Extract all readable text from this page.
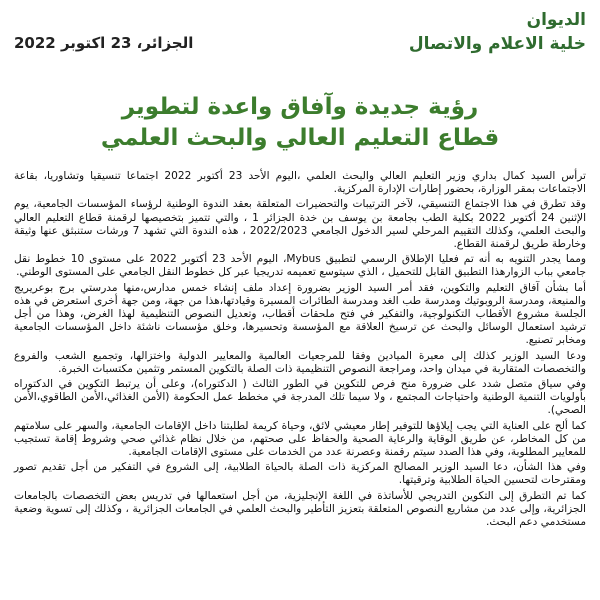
الديوان
خلية الاعلام والاتصال
الجزائر، 23 اكتوبر 2022
رؤية جديدة وآفاق واعدة لتطوير
قطاع التعليم العالي والبحث العلمي

ترأس السيد كمال بداري وزير التعليم العالي والبحث العلمي ،اليوم الأحد 23 أكتوبر 2022 اجتماعا تنسيقيا وتشاوريا، بقاعة الاجتماعات بمقر الوزارة، بحضور إطارات الإدارة المركزية.

وقد تطرق في هذا الاجتماع التنسيقي، لآخر الترتيبات والتحضيرات المتعلقة بعقد الندوة الوطنية لرؤساء المؤسسات الجامعية، يوم الإثنين 24 أكتوبر 2022 بكلية الطب بجامعة بن يوسف بن خدة الجزائر 1 ، والتي تتميز بتخصيصها لرقمنة قطاع التعليم العالي والبحث العلمي، وكذلك التقييم المرحلي لسير الدخول الجامعي 2022/2023 ، هذه الندوة التي تشهد 7 ورشات ستنبثق عنها وثيقة وخارطة طريق لرقمنة القطاع.

ومما يجدر التنويه به أنه تم فعليا الإطلاق الرسمي لتطبيق Mybus، اليوم الأحد 23 أكتوبر 2022 على مستوى 10 خطوط نقل جامعي بباب الزوارهذا التطبيق القابل للتحميل ، الذي سيتوسع تعميمه تدريجيا عبر كل خطوط النقل الجامعي على المستوى الوطني.

أما بشأن آفاق التعليم والتكوين، فقد أمر السيد الوزير بضرورة إعداد ملف إنشاء خمس مدارس،منها مدرستي برج بوعريريج والمنيعة، ومدرسة الروبوتيك ومدرسة طب الغد ومدرسة الطائرات المسيرة وقيادتها،هذا من جهة، ومن جهة أخرى استعرض في هذه الجلسة مشروع الأقطاب التكنولوجية، والتفكير في فتح ملحقات أقطاب، وتعديل النصوص التنظيمية لهذا الغرض، وهذا من أجل ترشيد استعمال الوسائل والبحث عن ترسيخ العلاقة مع المؤسسة وتحسيرها، وخلق مؤسسات ناشئة داخل المؤسسات الجامعية ومخابر تصنيع.

ودعا السيد الوزير كذلك إلى معيرة الميادين وفقا للمرجعيات العالمية والمعايير الدولية واختزالها، وتجميع الشعب والفروع والتخصصات المتقاربة في ميدان واحد، ومراجعة النصوص التنظيمية ذات الصلة بالتكوين المستمر وتثمين مكتسبات الخبرة.

وفي سياق متصل شدد على ضرورة منح فرص للتكوين في الطور الثالث ( الدكتوراه)، وعلى أن يرتبط التكوين في الدكتوراه بأولويات التنمية الوطنية واحتياجات المجتمع ، ولا سيما تلك المدرجة في مخطط عمل الحكومة (الأمن الغذائي،الأمن الطاقوي،الأمن الصحي).

كما ألح على العناية التي يجب إيلاؤها للتوفير إطار معيشي لائق، وحياة كريمة لطلبتنا داخل الإقامات الجامعية، والسهر على سلامتهم من كل المخاطر، عن طريق الوقاية والرعاية الصحية والحفاظ على صحتهم، من خلال نظام غذائي صحي وشروط إقامة تستجيب للمعايير المطلوبة، وفي هذا الصدد سيتم رقمنة وعصرنة عدد من الخدمات على مستوى الإقامات الجامعية.

وفي هذا الشأن، دعا السيد الوزير المصالح المركزية ذات الصلة بالحياة الطلابية، إلى الشروع في التفكير من أجل تقديم تصور ومقترحات لتحسين الحياة الطلابية وترقيتها.

كما تم التطرق إلى التكوين التدريجي للأساتذة في اللغة الإنجليزية، من أجل استعمالها في تدريس بعض التخصصات بالجامعات الجزائرية، وإلى عدد من مشاريع النصوص المتعلقة بتعزيز التأطير والبحث العلمي في الجامعات الجزائرية ، وكذلك إلى تسوية وضعية مستخدمي دعم البحث.
